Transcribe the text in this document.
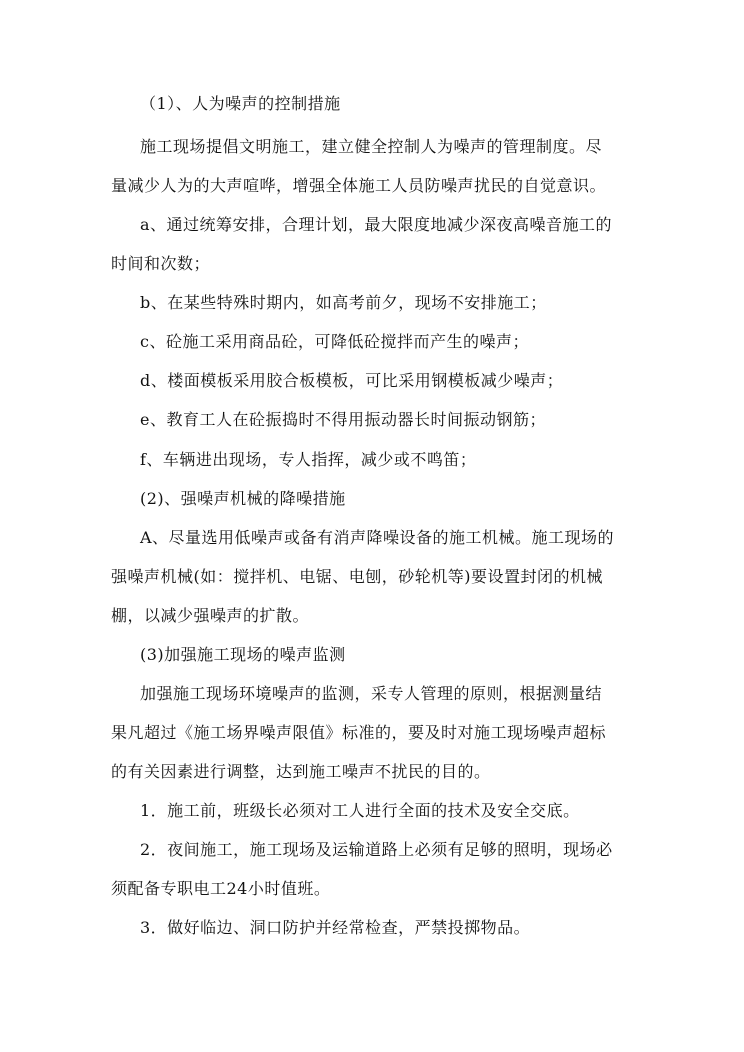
（1）、人为噪声的控制措施
施工现场提倡文明施工，建立健全控制人为噪声的管理制度。尽
量减少人为的大声喧哗，增强全体施工人员防噪声扰民的自觉意识。
a、通过统筹安排，合理计划，最大限度地减少深夜高噪音施工的
时间和次数；
b、在某些特殊时期内，如高考前夕，现场不安排施工；
c、砼施工采用商品砼，可降低砼搅拌而产生的噪声；
d、楼面模板采用胶合板模板，可比采用钢模板减少噪声；
e、教育工人在砼振捣时不得用振动器长时间振动钢筋；
f、车辆进出现场，专人指挥，减少或不鸣笛；
(2)、强噪声机械的降噪措施
A、尽量选用低噪声或备有消声降噪设备的施工机械。施工现场的
强噪声机械(如：搅拌机、电锯、电刨，砂轮机等)要设置封闭的机械
棚，以减少强噪声的扩散。
(3)加强施工现场的噪声监测
加强施工现场环境噪声的监测，采专人管理的原则，根据测量结
果凡超过《施工场界噪声限值》标准的，要及时对施工现场噪声超标
的有关因素进行调整，达到施工噪声不扰民的目的。
1．施工前，班级长必须对工人进行全面的技术及安全交底。
2．夜间施工，施工现场及运输道路上必须有足够的照明，现场必
须配备专职电工24小时值班。
3．做好临边、洞口防护并经常检查，严禁投掷物品。
